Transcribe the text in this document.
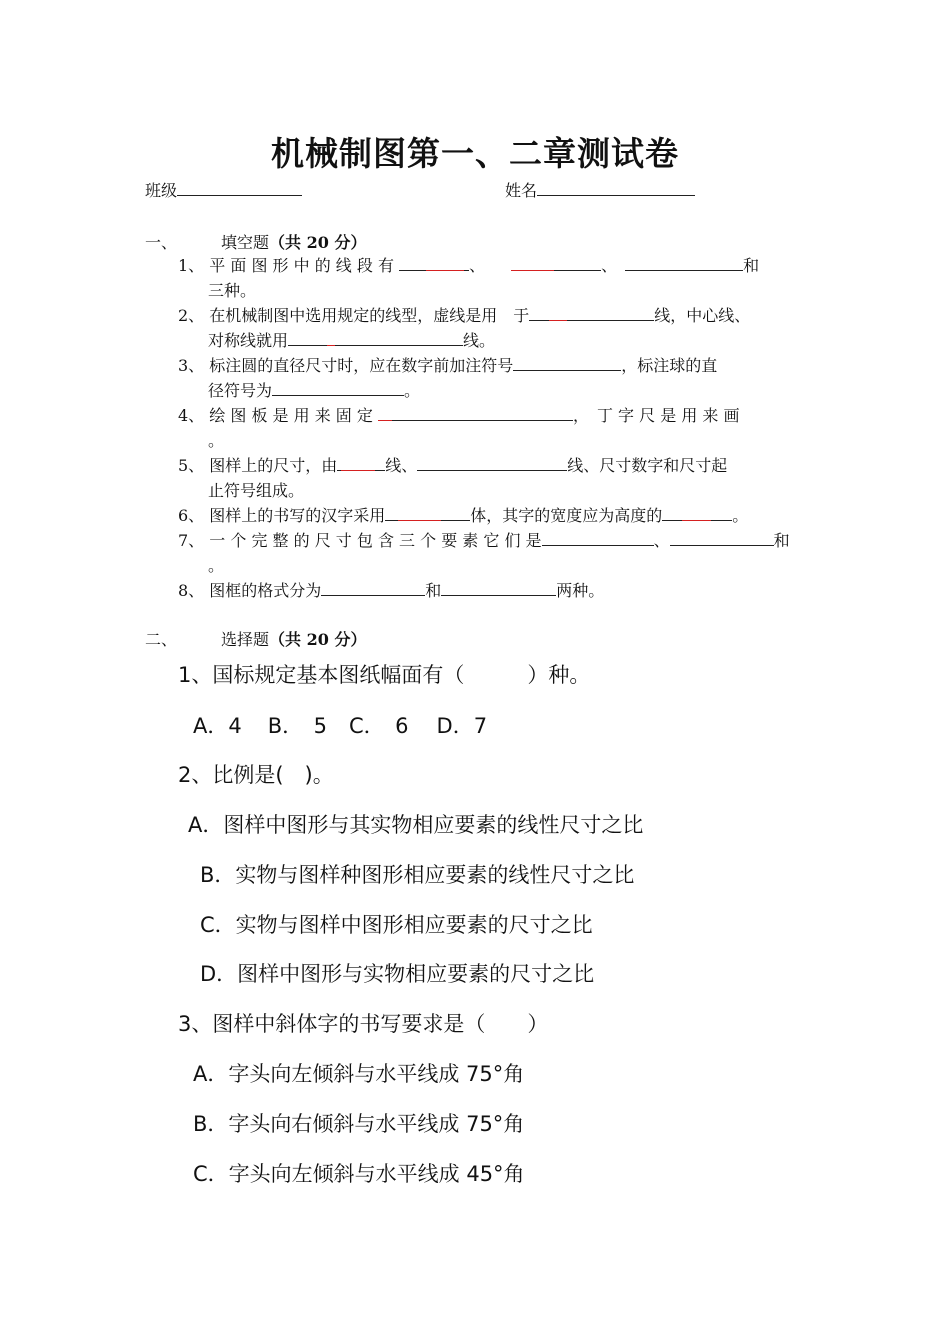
机械制图第一、二章测试卷
班级	姓名
一、	填空题（共 20 分）
1、 平 面 图 形 中 的 线 段 有	、	、	和
三种。
2、 在机械制图中选用规定的线型，虚线是用　于	线，中心线、
对称线就用	线。
3、 标注圆的直径尺寸时，应在数字前加注符号	，标注球的直
径符号为	。
4、 绘 图 板 是 用 来 固 定	，　丁 字 尺 是 用 来 画
。
5、 图样上的尺寸，由	线、	线、尺寸数字和尺寸起
止符号组成。
6、 图样上的书写的汉字采用	体，其字的宽度应为高度的	。
7、 一 个 完 整 的 尺 寸 包 含 三 个 要 素 它 们 是	、	和
。
8、 图框的格式分为	和	两种。
二、	选择题（共 20 分）
1、国标规定基本图纸幅面有（　　　）种。
A．4 B．　5 C．　6 D．7
2、比例是(　)。
A．图样中图形与其实物相应要素的线性尺寸之比
B．实物与图样种图形相应要素的线性尺寸之比
C．实物与图样中图形相应要素的尺寸之比
D．图样中图形与实物相应要素的尺寸之比
3、图样中斜体字的书写要求是（　　）
A．字头向左倾斜与水平线成 75°角
B．字头向右倾斜与水平线成 75°角
C．字头向左倾斜与水平线成 45°角
